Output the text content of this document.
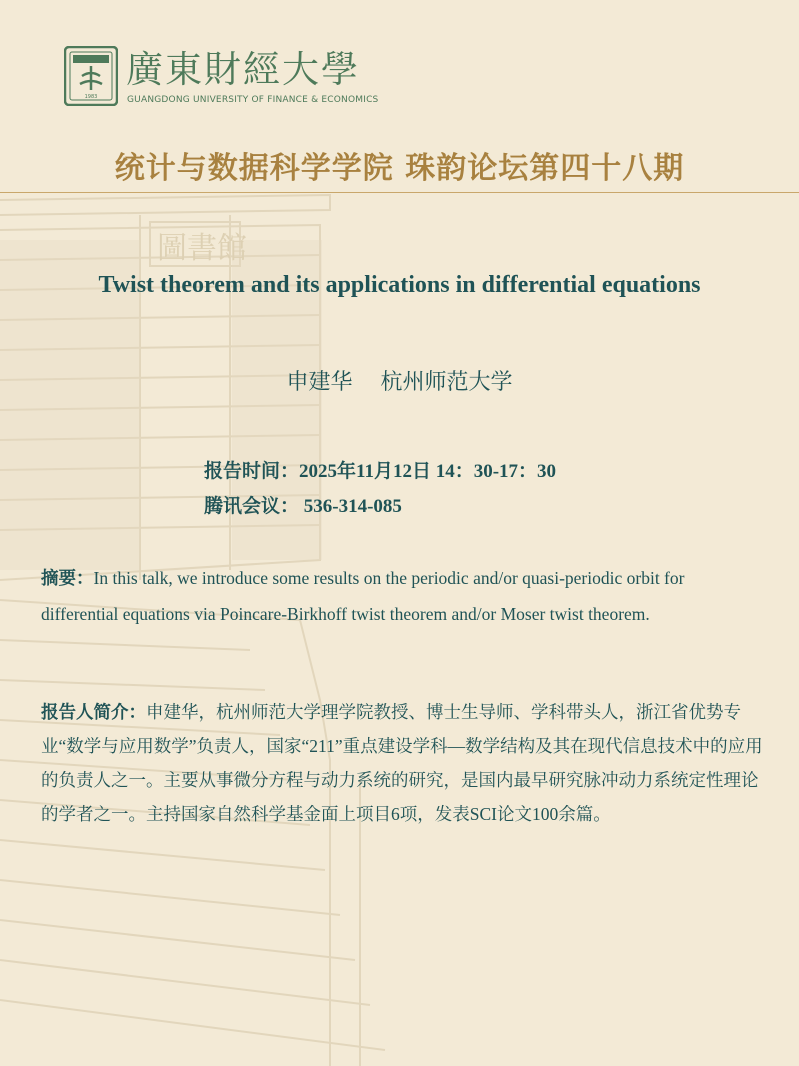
圖書館
1983
廣東財經大學
GUANGDONG UNIVERSITY OF FINANCE & ECONOMICS
统计与数据科学学院 珠韵论坛第四十八期
Twist theorem and its applications in differential equations
申建华 杭州师范大学
报告时间：2025年11月12日 14：30-17：30
腾讯会议： 536-314-085
摘要：In this talk, we introduce some results on the periodic and/or quasi-periodic orbit for differential equations via Poincare-Birkhoff twist theorem and/or Moser twist theorem.
报告人简介：申建华，杭州师范大学理学院教授、博士生导师、学科带头人，浙江省优势专业“数学与应用数学”负责人，国家“211”重点建设学科—数学结构及其在现代信息技术中的应用的负责人之一。主要从事微分方程与动力系统的研究，是国内最早研究脉冲动力系统定性理论的学者之一。主持国家自然科学基金面上项目6项，发表SCI论文100余篇。
